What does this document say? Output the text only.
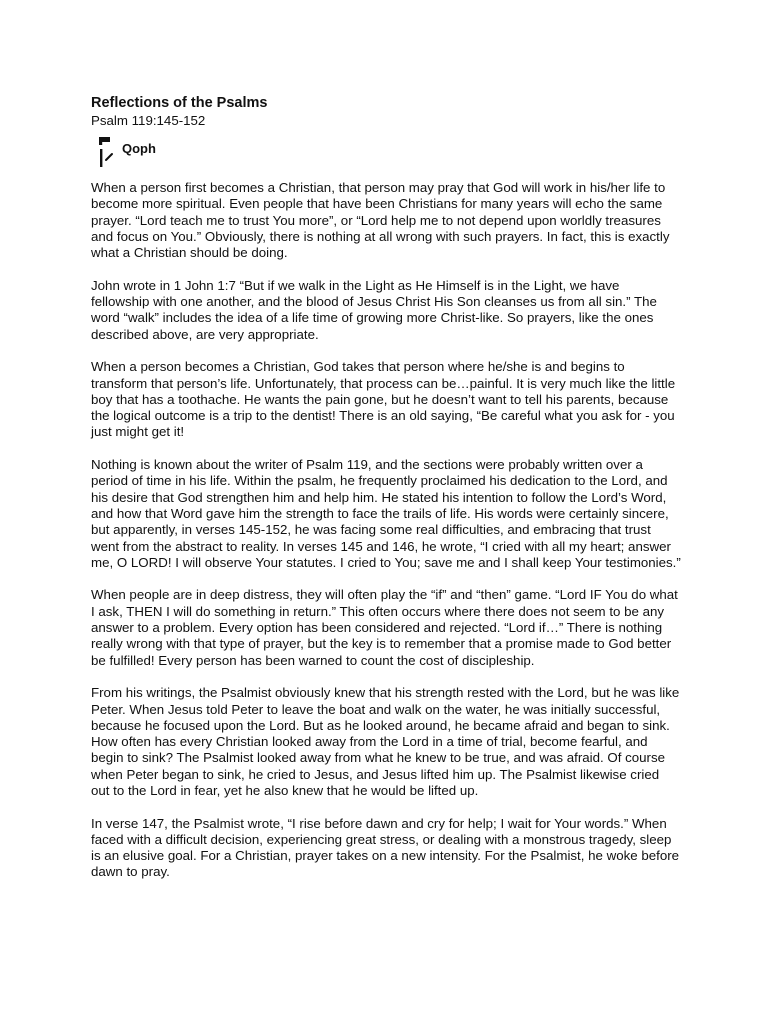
Reflections of the Psalms

Psalm 119:145-152

Qoph

When a person first becomes a Christian, that person may pray that God will work in his/her life to become more spiritual. Even people that have been Christians for many years will echo the same prayer. “Lord teach me to trust You more”, or “Lord help me to not depend upon worldly treasures and focus on You.” Obviously, there is nothing at all wrong with such prayers. In fact, this is exactly what a Christian should be doing.

John wrote in 1 John 1:7 “But if we walk in the Light as He Himself is in the Light, we have fellowship with one another, and the blood of Jesus Christ His Son cleanses us from all sin.” The word “walk” includes the idea of a life time of growing more Christ-like. So prayers, like the ones described above, are very appropriate.

When a person becomes a Christian, God takes that person where he/she is and begins to transform that person’s life. Unfortunately, that process can be…painful. It is very much like the little boy that has a toothache. He wants the pain gone, but he doesn’t want to tell his parents, because the logical outcome is a trip to the dentist! There is an old saying, “Be careful what you ask for - you just might get it!

Nothing is known about the writer of Psalm 119, and the sections were probably written over a period of time in his life. Within the psalm, he frequently proclaimed his dedication to the Lord, and his desire that God strengthen him and help him. He stated his intention to follow the Lord’s Word, and how that Word gave him the strength to face the trails of life. His words were certainly sincere, but apparently, in verses 145-152, he was facing some real difficulties, and embracing that trust went from the abstract to reality. In verses 145 and 146, he wrote, “I cried with all my heart; answer me, O LORD! I will observe Your statutes. I cried to You; save me and I shall keep Your testimonies.”

When people are in deep distress, they will often play the “if” and “then” game. “Lord IF You do what I ask, THEN I will do something in return.” This often occurs where there does not seem to be any answer to a problem. Every option has been considered and rejected. “Lord if…” There is nothing really wrong with that type of prayer, but the key is to remember that a promise made to God better be fulfilled! Every person has been warned to count the cost of discipleship.

From his writings, the Psalmist obviously knew that his strength rested with the Lord, but he was like Peter. When Jesus told Peter to leave the boat and walk on the water, he was initially successful, because he focused upon the Lord. But as he looked around, he became afraid and began to sink. How often has every Christian looked away from the Lord in a time of trial, become fearful, and begin to sink? The Psalmist looked away from what he knew to be true, and was afraid. Of course when Peter began to sink, he cried to Jesus, and Jesus lifted him up. The Psalmist likewise cried out to the Lord in fear, yet he also knew that he would be lifted up.

In verse 147, the Psalmist wrote, “I rise before dawn and cry for help; I wait for Your words.” When faced with a difficult decision, experiencing great stress, or dealing with a monstrous tragedy, sleep is an elusive goal. For a Christian, prayer takes on a new intensity. For the Psalmist, he woke before dawn to pray.
